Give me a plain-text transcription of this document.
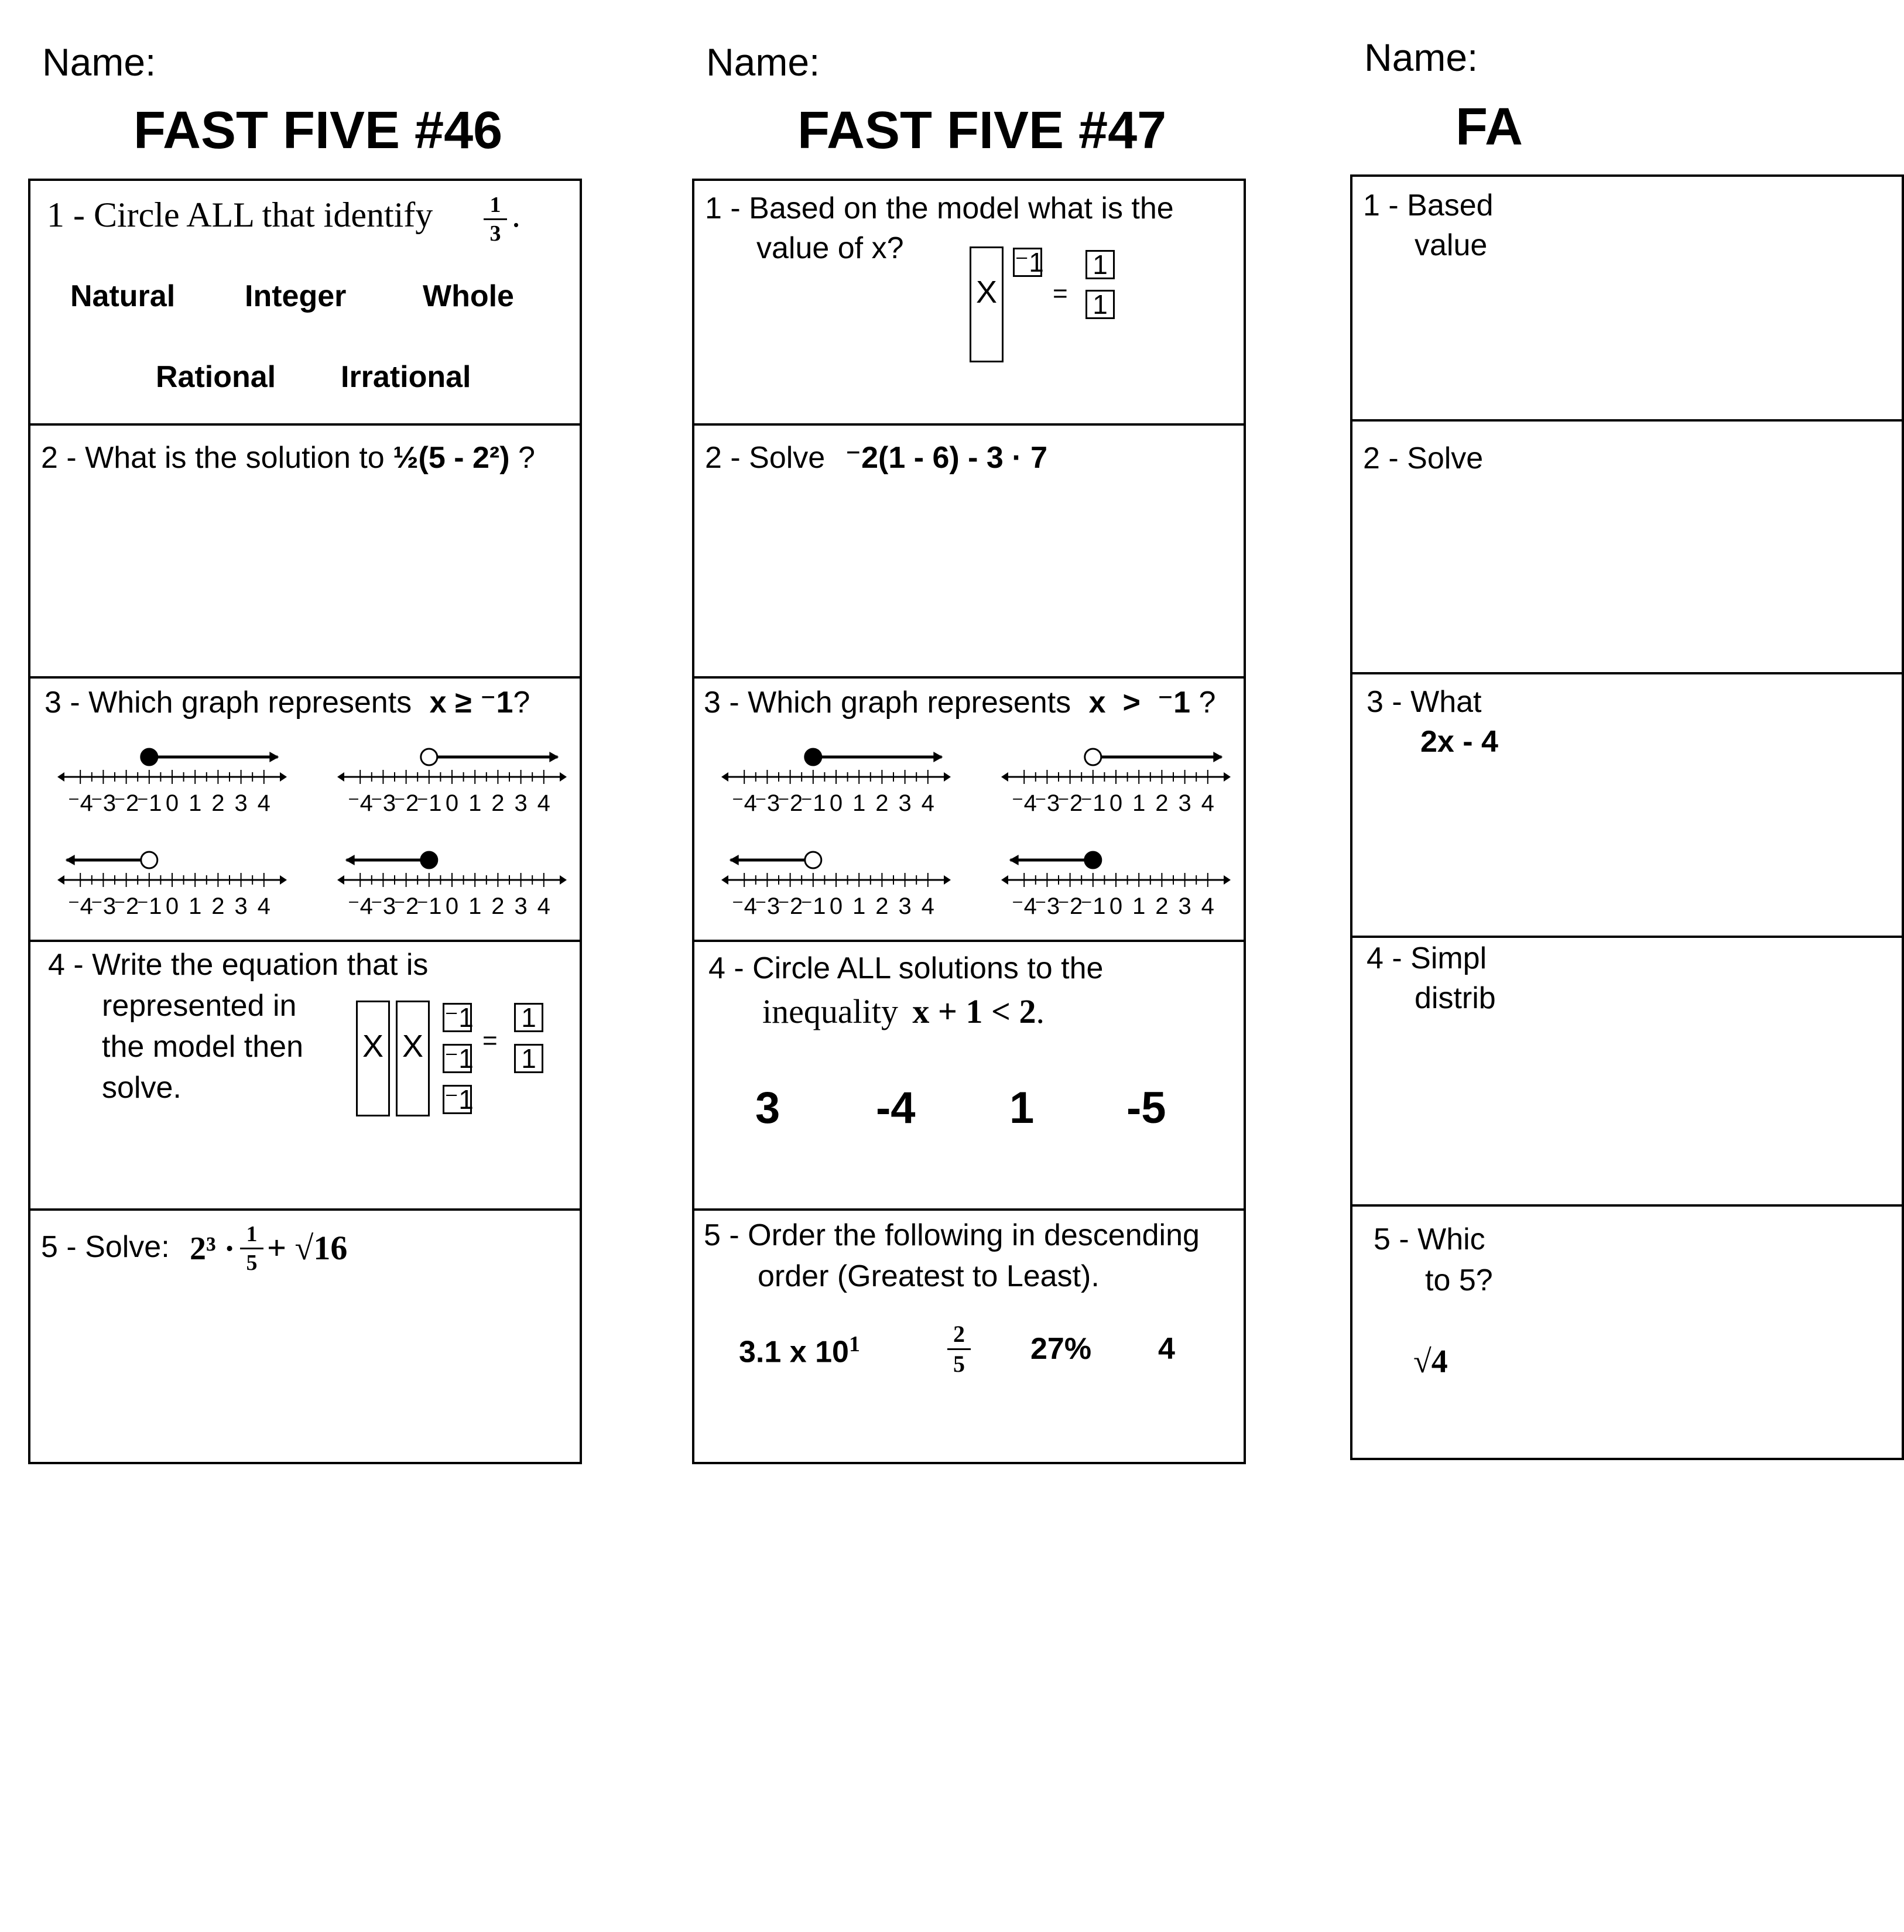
Name:
FAST FIVE #46
1 - Circle ALL that identify	1
3 .
Natural Integer	Whole
Rational Irrational
2 - What is the solution to ½(5 - 2²) ?
3 - Which graph represents x ≥ ⁻1?
⁻4
⁻3
⁻2
⁻1 0 1 2 3 4	⁻4
⁻3
⁻2
⁻1 0 1 2 3 4
⁻4
⁻3
⁻2
⁻1 0 1 2 3 4	⁻4
⁻3
⁻2
⁻1 0 1 2 3 4
4 - Write the equation that is
represented in
the model then
solve.
X X
⁻1
⁻1
⁻1
=
1
1
5 - Solve: 2³ · 1
5 + √16
Name:
FAST FIVE #47
1 - Based on the model what is the
value of x?
X
⁻1
=
1
1
2 - Solve ⁻2(1 - 6) - 3 · 7
3 - Which graph represents x  >  ⁻1 ?
⁻4
⁻3
⁻2
⁻1 0 1 2 3 4	⁻4
⁻3
⁻2
⁻1 0 1 2 3 4
⁻4
⁻3
⁻2
⁻1 0 1 2 3 4	⁻4
⁻3
⁻2
⁻1 0 1 2 3 4
4 - Circle ALL solutions to the
inequality x + 1 < 2.
3 -4 1 -5
5 - Order the following in descending
order (Greatest to Least).
3.1 x $10^1$	2
5 27% 4
Name:
FA
1 - Based
value
2 - Solve
3 - What
2x - 4
4 - Simpl
distrib
5 - Whic
to 5?
√4
